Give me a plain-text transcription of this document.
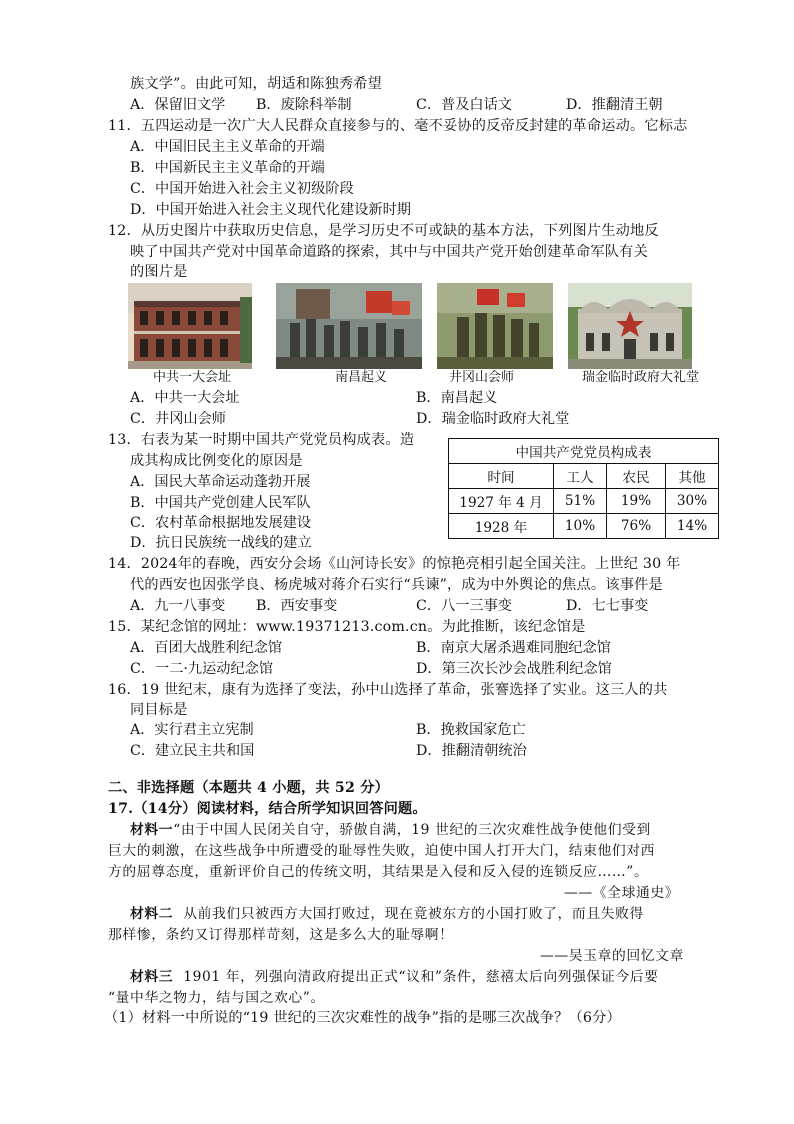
族文学”。由此可知，胡适和陈独秀希望
A．保留旧文学 B．废除科举制	C．普及白话文	D．推翻清王朝
11．五四运动是一次广大人民群众直接参与的、毫不妥协的反帝反封建的革命运动。它标志
A．中国旧民主主义革命的开端
B．中国新民主主义革命的开端
C．中国开始进入社会主义初级阶段
D．中国开始进入社会主义现代化建设新时期
12．从历史图片中获取历史信息，是学习历史不可或缺的基本方法，下列图片生动地反
映了中国共产党对中国革命道路的探索，其中与中国共产党开始创建革命军队有关
的图片是
中共一大会址	南昌起义	井冈山会师	瑞金临时政府大礼堂
A．中共一大会址	B．南昌起义
C．井冈山会师	D．瑞金临时政府大礼堂
13．右表为某一时期中国共产党党员构成表。造
成其构成比例变化的原因是
A．国民大革命运动蓬勃开展
B．中国共产党创建人民军队
C．农村革命根据地发展建设
D．抗日民族统一战线的建立
中国共产党党员构成表			
时间	工人	农民	其他
1927 年 4 月	51%	19%	30%
1928 年	10%	76%	14%
14．2024年的春晚，西安分会场《山河诗长安》的惊艳亮相引起全国关注。上世纪 30 年
代的西安也因张学良、杨虎城对蒋介石实行“兵谏”，成为中外舆论的焦点。该事件是
A．九一八事变 B．西安事变	C．八一三事变	D．七七事变
15．某纪念馆的网址：www.19371213.com.cn。为此推断，该纪念馆是
A．百团大战胜利纪念馆	B．南京大屠杀遇难同胞纪念馆
C．一二·九运动纪念馆	D．第三次长沙会战胜利纪念馆
16．19 世纪末，康有为选择了变法，孙中山选择了革命，张謇选择了实业。这三人的共
同目标是
A．实行君主立宪制	B．挽救国家危亡
C．建立民主共和国	D．推翻清朝统治
二、非选择题（本题共 4 小题，共 52 分）
17.（14分）阅读材料，结合所学知识回答问题。
材料一“由于中国人民闭关自守，骄傲自满，19 世纪的三次灾难性战争使他们受到
巨大的刺激，在这些战争中所遭受的耻辱性失败，迫使中国人打开大门，结束他们对西
方的屈尊态度，重新评价自己的传统文明，其结果是入侵和反入侵的连锁反应……”。
——《全球通史》
材料二 从前我们只被西方大国打败过，现在竟被东方的小国打败了，而且失败得
那样惨，条约又订得那样苛刻，这是多么大的耻辱啊！
——吴玉章的回忆文章
材料三 1901 年，列强向清政府提出正式“议和”条件，慈禧太后向列强保证今后要
“量中华之物力，结与国之欢心”。
（1）材料一中所说的“19 世纪的三次灾难性的战争”指的是哪三次战争？（6分）
